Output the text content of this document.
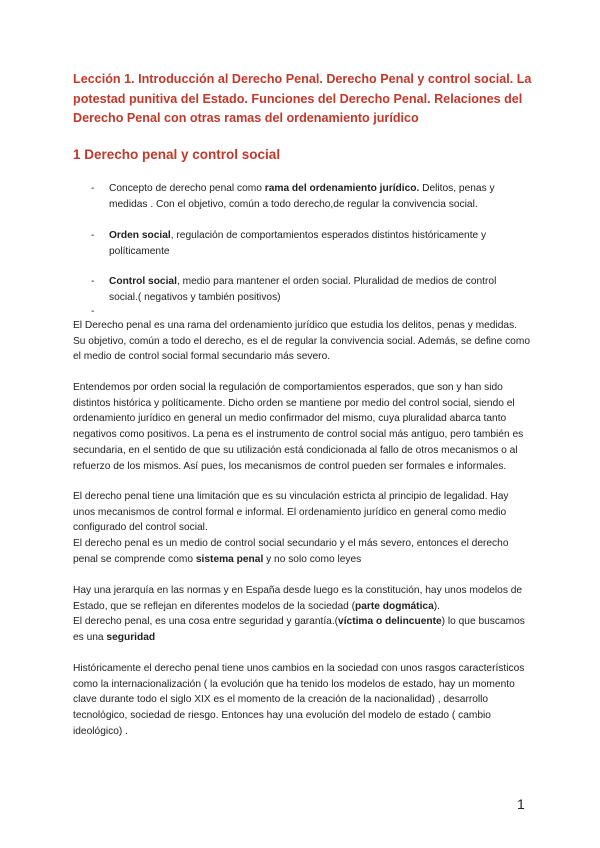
Lección 1. Introducción al Derecho Penal. Derecho Penal y control social. La potestad punitiva del Estado. Funciones del Derecho Penal. Relaciones del Derecho Penal con otras ramas del ordenamiento jurídico
1 Derecho penal y control social
- Concepto de derecho penal como rama del ordenamiento jurídico. Delitos, penas y medidas . Con el objetivo, común a todo derecho,de regular la convivencia social.
- Orden social, regulación de comportamientos esperados distintos históricamente y políticamente
- Control social, medio para mantener el orden social. Pluralidad de medios de control social.( negativos y también positivos)
-
El Derecho penal es una rama del ordenamiento jurídico que estudia los delitos, penas y medidas. Su objetivo, común a todo el derecho, es el de regular la convivencia social. Además, se define como el medio de control social formal secundario más severo.
Entendemos por orden social la regulación de comportamientos esperados, que son y han sido distintos histórica y políticamente. Dicho orden se mantiene por medio del control social, siendo el ordenamiento jurídico en general un medio confirmador del mismo, cuya pluralidad abarca tanto negativos como positivos. La pena es el instrumento de control social más antiguo, pero también es secundaria, en el sentido de que su utilización está condicionada al fallo de otros mecanismos o al refuerzo de los mismos. Así pues, los mecanismos de control pueden ser formales e informales.
El derecho penal tiene una limitación que es su vinculación estricta al principio de legalidad. Hay unos mecanismos de control formal e informal. El ordenamiento jurídico en general como medio configurado del control social.
El derecho penal es un medio de control social secundario y el más severo, entonces el derecho penal se comprende como sistema penal y no solo como leyes
Hay una jerarquía en las normas y en España desde luego es la constitución, hay unos modelos de Estado, que se reflejan en diferentes modelos de la sociedad (parte dogmática).
El derecho penal, es una cosa entre seguridad y garantía.(víctima o delincuente) lo que buscamos es una seguridad
Históricamente el derecho penal tiene unos cambios en la sociedad con unos rasgos característicos como la internacionalización ( la evolución que ha tenido los modelos de estado, hay un momento clave durante todo el siglo XIX es el momento de la creación de la nacionalidad) , desarrollo tecnológico, sociedad de riesgo. Entonces hay una evolución del modelo de estado ( cambio ideológico) .
1
